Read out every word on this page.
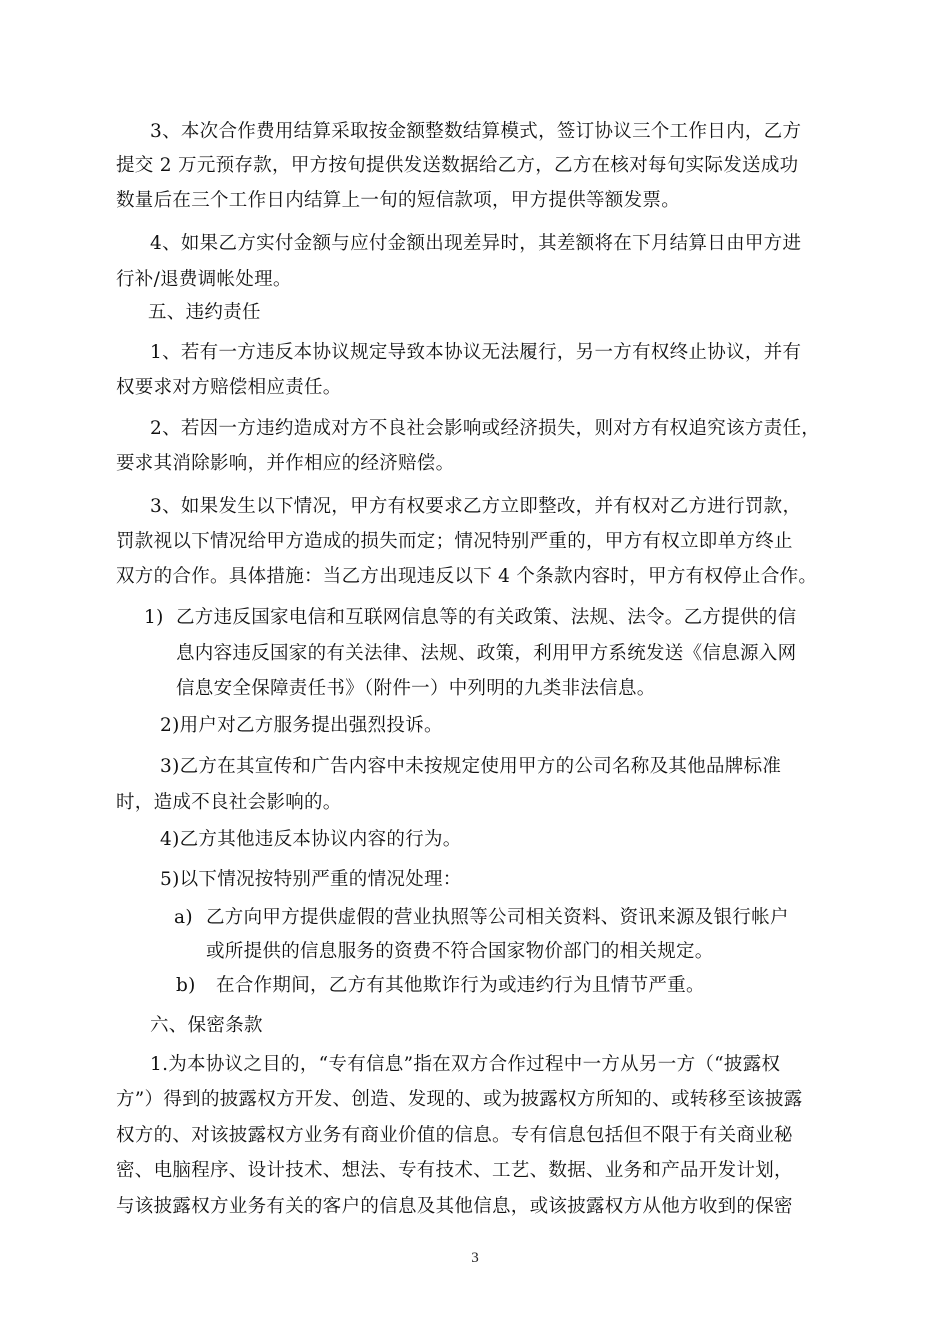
3、本次合作费用结算采取按金额整数结算模式，签订协议三个工作日内，乙方
提交 2 万元预存款，甲方按旬提供发送数据给乙方，乙方在核对每旬实际发送成功
数量后在三个工作日内结算上一旬的短信款项，甲方提供等额发票。
4、如果乙方实付金额与应付金额出现差异时，其差额将在下月结算日由甲方进
行补/退费调帐处理。
五、违约责任
1、若有一方违反本协议规定导致本协议无法履行，另一方有权终止协议，并有
权要求对方赔偿相应责任。
2、若因一方违约造成对方不良社会影响或经济损失，则对方有权追究该方责任，
要求其消除影响，并作相应的经济赔偿。
3、如果发生以下情况，甲方有权要求乙方立即整改，并有权对乙方进行罚款，
罚款视以下情况给甲方造成的损失而定；情况特别严重的，甲方有权立即单方终止
双方的合作。具体措施：当乙方出现违反以下 4 个条款内容时，甲方有权停止合作。
1) 乙方违反国家电信和互联网信息等的有关政策、法规、法令。乙方提供的信
息内容违反国家的有关法律、法规、政策，利用甲方系统发送《信息源入网
信息安全保障责任书》（附件一）中列明的九类非法信息。
2)用户对乙方服务提出强烈投诉。
3)乙方在其宣传和广告内容中未按规定使用甲方的公司名称及其他品牌标准
时，造成不良社会影响的。
4)乙方其他违反本协议内容的行为。
5)以下情况按特别严重的情况处理：
a) 乙方向甲方提供虚假的营业执照等公司相关资料、资讯来源及银行帐户
或所提供的信息服务的资费不符合国家物价部门的相关规定。
b) 在合作期间，乙方有其他欺诈行为或违约行为且情节严重。
六、保密条款
1.为本协议之目的，“专有信息”指在双方合作过程中一方从另一方（“披露权
方”）得到的披露权方开发、创造、发现的、或为披露权方所知的、或转移至该披露
权方的、对该披露权方业务有商业价值的信息。专有信息包括但不限于有关商业秘
密、电脑程序、设计技术、想法、专有技术、工艺、数据、业务和产品开发计划，
与该披露权方业务有关的客户的信息及其他信息，或该披露权方从他方收到的保密
3
